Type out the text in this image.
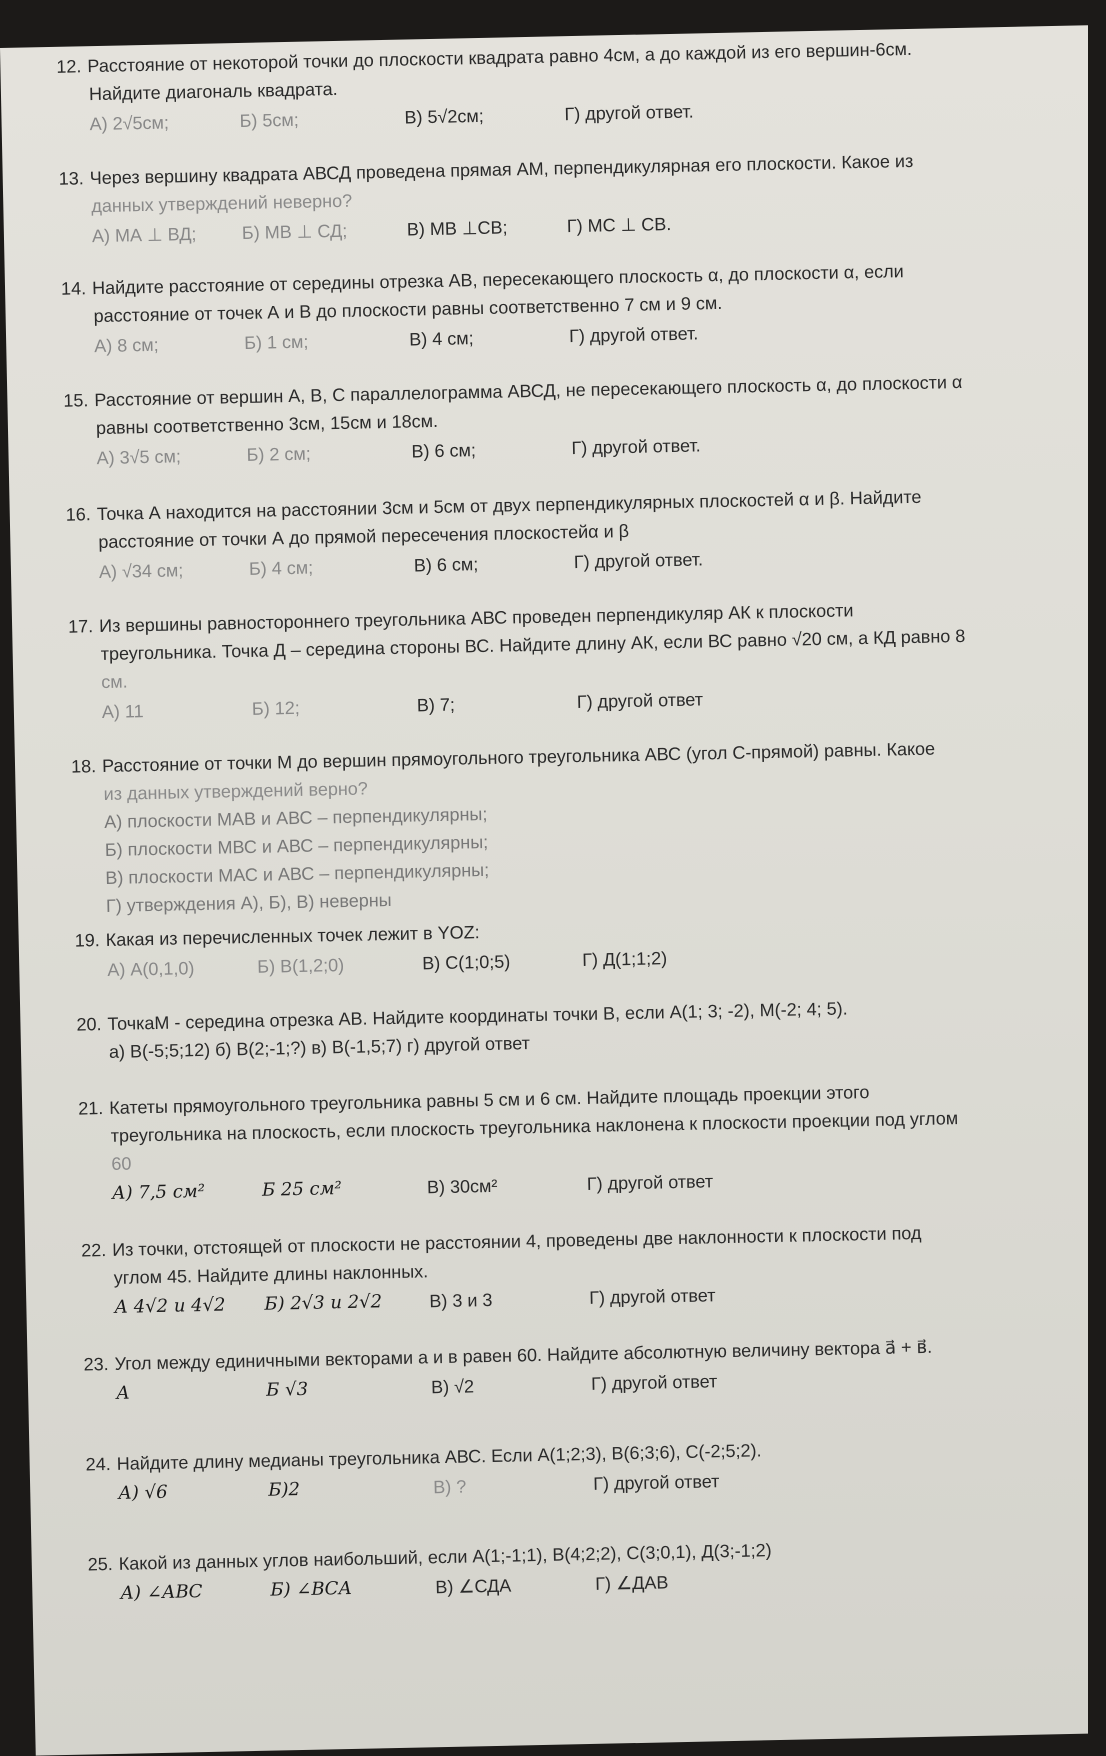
12. Расстояние от некоторой точки до плоскости квадрата равно 4см, а до каждой из его вершин-6см.
Найдите диагональ квадрата.
А) 2√5см;	Б) 5см;	В) 5√2см;	Г) другой ответ.
13. Через вершину квадрата АВСД проведена прямая АМ, перпендикулярная его плоскости. Какое из
данных утверждений неверно?
А) МА ⊥ ВД;	Б) МВ ⊥ СД;	В) МВ ⊥СВ;	Г) МС ⊥ СВ.
14. Найдите расстояние от середины отрезка АВ, пересекающего плоскость α, до плоскости α, если
расстояние от точек А и В до плоскости равны соответственно 7 см и 9 см.
А) 8 см;	Б) 1 см;	В) 4 см;	Г) другой ответ.
15. Расстояние от вершин А, В, С параллелограмма АВСД, не пересекающего плоскость α, до плоскости α
равны соответственно 3см, 15см и 18см.
А) 3√5 см;	Б) 2 см;	В) 6 см;	Г) другой ответ.
16. Точка А находится на расстоянии 3см и 5см от двух перпендикулярных плоскостей α и β. Найдите
расстояние от точки А до прямой пересечения плоскостейα и β
А) √34 см;	Б) 4 см;	В) 6 см;	Г) другой ответ.
17. Из вершины равностороннего треугольника АВС проведен перпендикуляр АК к плоскости
треугольника. Точка Д – середина стороны ВС. Найдите длину АК, если ВС равно √20 см, а КД равно 8
см.
А) 11	Б) 12;	В) 7;	Г) другой ответ
18. Расстояние от точки М до вершин прямоугольного треугольника АВС (угол С-прямой) равны. Какое
из данных утверждений верно?
А) плоскости МАВ и АВС – перпендикулярны;
Б) плоскости МВС и АВС – перпендикулярны;
В) плоскости МАС и АВС – перпендикулярны;
Г) утверждения А), Б), В) неверны
19. Какая из перечисленных точек лежит в YOZ:
А) А(0,1,0)	Б) В(1,2;0)	В) С(1;0;5)	Г) Д(1;1;2)
20. ТочкаМ - середина отрезка АВ. Найдите координаты точки В, если А(1; 3; -2), М(-2; 4; 5).
а) В(-5;5;12) б) В(2;-1;?) в) В(-1,5;7) г) другой ответ
21. Катеты прямоугольного треугольника равны 5 см и 6 см. Найдите площадь проекции этого
треугольника на плоскость, если плоскость треугольника наклонена к плоскости проекции под углом
60
А) 7,5 см²	Б 25 см²	В) 30см²	Г) другой ответ
22. Из точки, отстоящей от плоскости не расстоянии 4, проведены две наклонности к плоскости под
углом 45. Найдите длины наклонных.
А 4√2 и 4√2	Б) 2√3 и 2√2	В) 3 и 3	Г) другой ответ
23. Угол между единичными векторами а и в равен 60. Найдите абсолютную величину вектора a⃗ + в⃗.
А	Б √3	В) √2	Г) другой ответ
24. Найдите длину медианы треугольника АВС. Если А(1;2;3), В(6;3;6), С(-2;5;2).
А) √6	Б)2	В) ?	Г) другой ответ
25. Какой из данных углов наибольший, если А(1;-1;1), В(4;2;2), С(3;0,1), Д(3;-1;2)
А) ∠АВС	Б) ∠ВСА	В) ∠СДА	Г) ∠ДАВ
